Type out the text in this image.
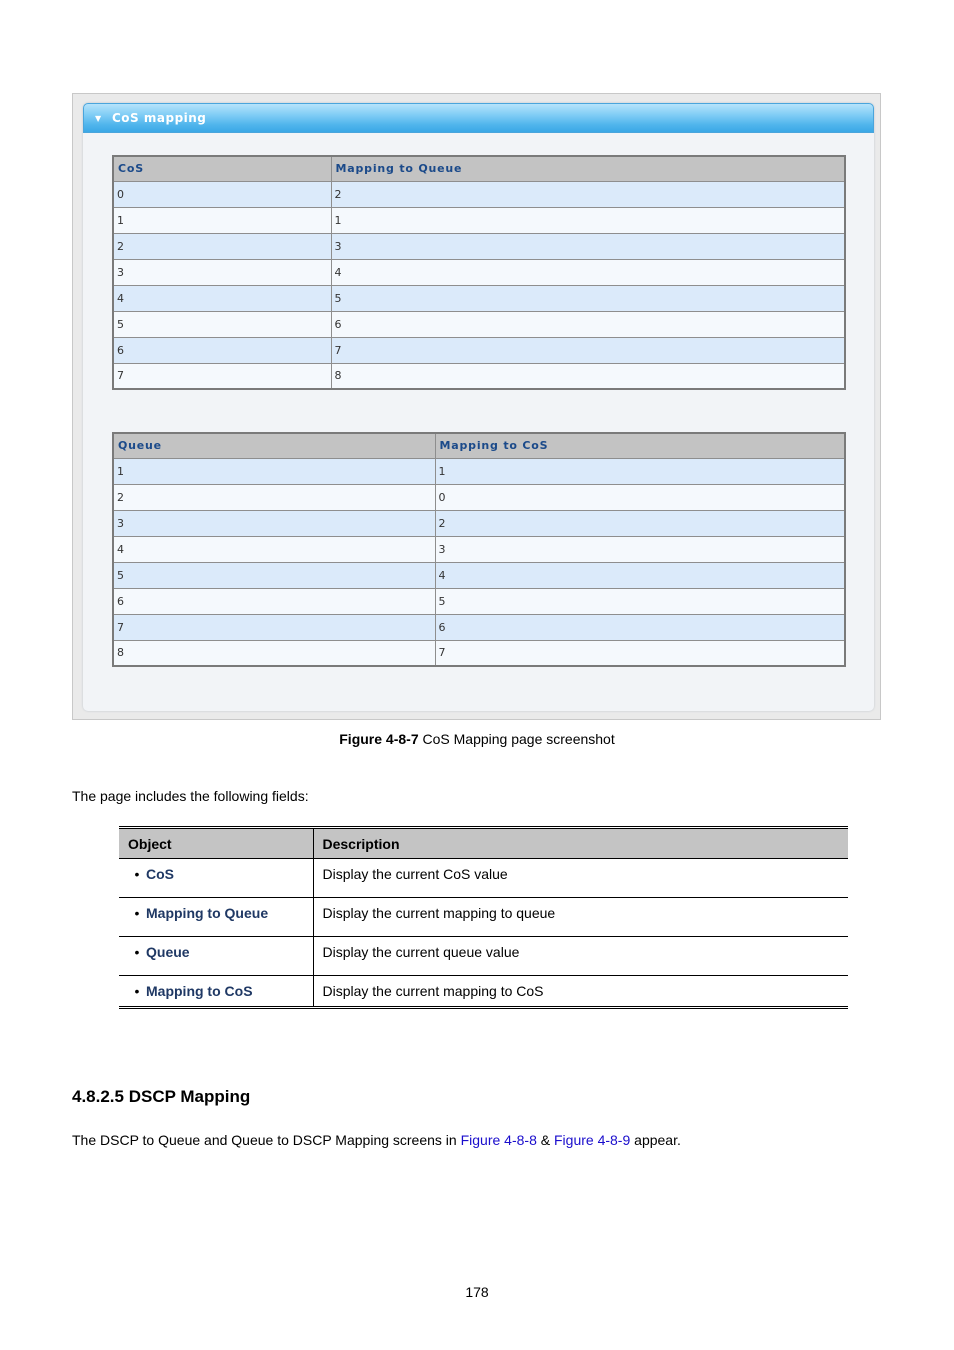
▼ CoS mapping
CoS	Mapping to Queue
0	2
1	1
2	3
3	4
4	5
5	6
6	7
7	8
Queue	Mapping to CoS
1	1
2	0
3	2
4	3
5	4
6	5
7	6
8	7
Figure 4-8-7 CoS Mapping page screenshot
The page includes the following fields:
Object	Description
• CoS	Display the current CoS value
• Mapping to Queue	Display the current mapping to queue
• Queue	Display the current queue value
• Mapping to CoS	Display the current mapping to CoS
4.8.2.5 DSCP Mapping
The DSCP to Queue and Queue to DSCP Mapping screens in Figure 4-8-8 & Figure 4-8-9 appear.
178
